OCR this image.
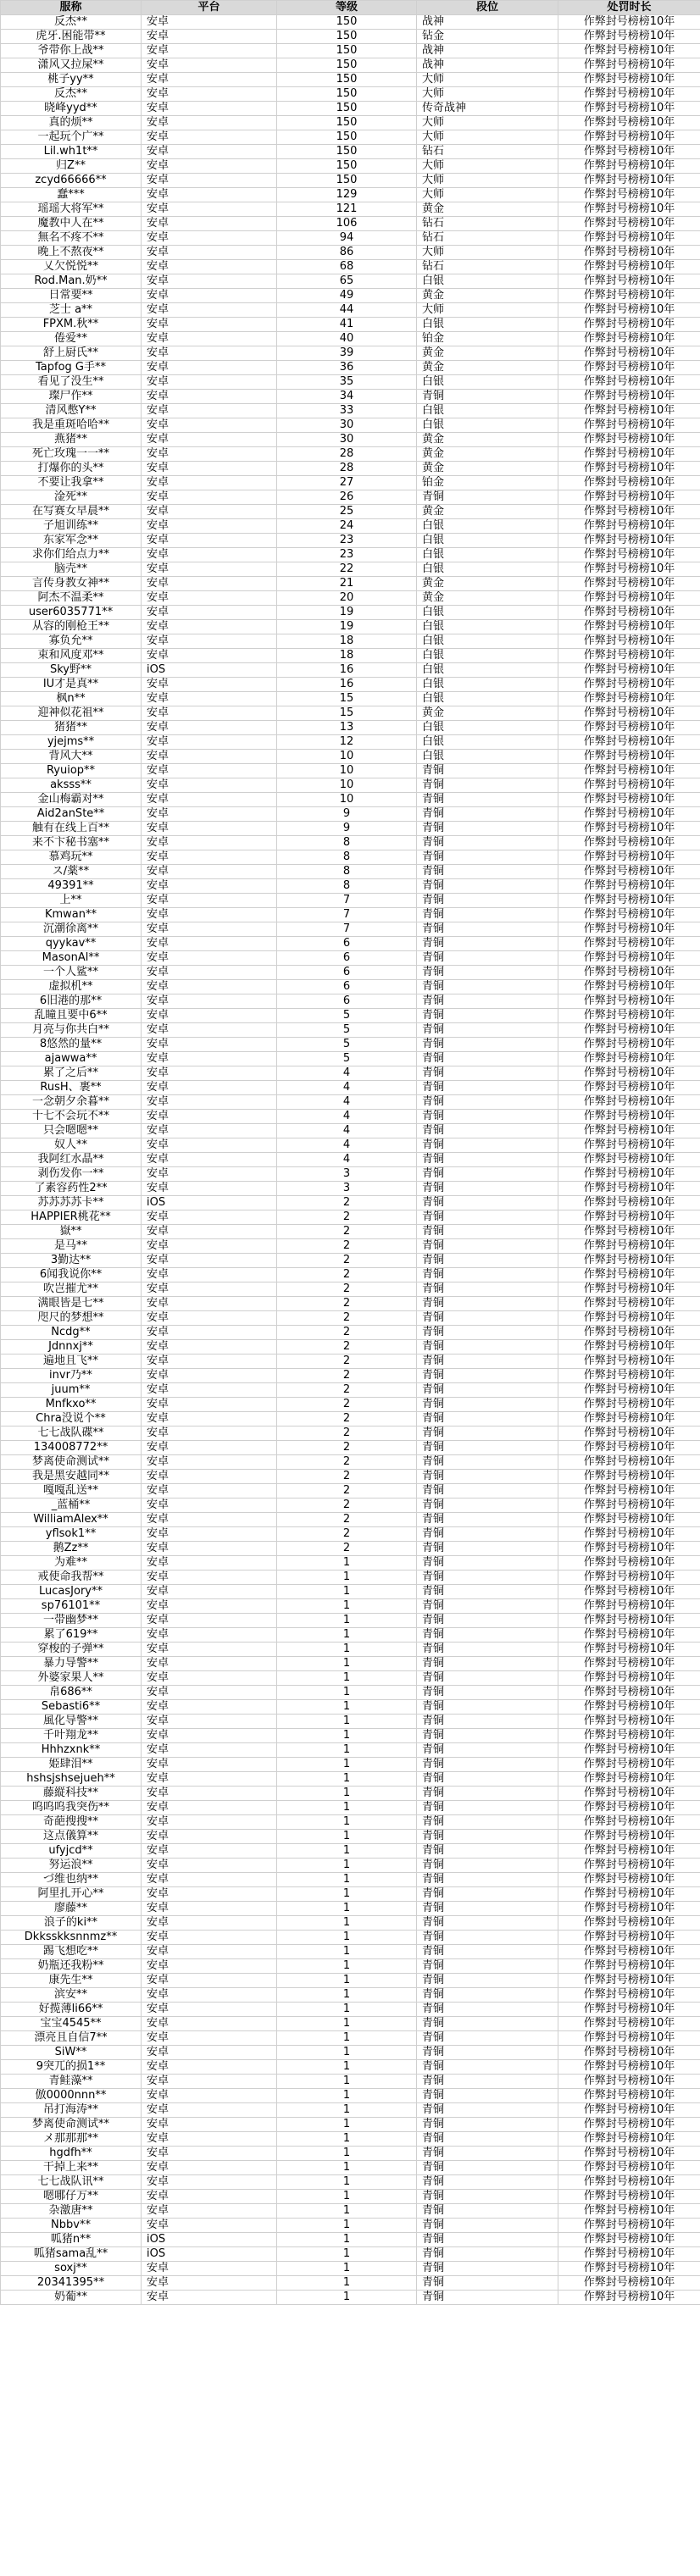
服称	平台	等级	段位	处罚时长
反杰**	安卓	150	战神	作弊封号榜榜10年
虎牙.困能带**	安卓	150	钻金	作弊封号榜榜10年
爷带你上战**	安卓	150	战神	作弊封号榜榜10年
潇风又拉屎**	安卓	150	战神	作弊封号榜榜10年
桃子yy**	安卓	150	大师	作弊封号榜榜10年
反杰**	安卓	150	大师	作弊封号榜榜10年
晓峰yyd**	安卓	150	传奇战神	作弊封号榜榜10年
真的烦**	安卓	150	大师	作弊封号榜榜10年
一起玩个广**	安卓	150	大师	作弊封号榜榜10年
Lil.wh1t**	安卓	150	钻石	作弊封号榜榜10年
归Z**	安卓	150	大师	作弊封号榜榜10年
zcyd66666**	安卓	150	大师	作弊封号榜榜10年
蠢***	安卓	129	大师	作弊封号榜榜10年
瑶瑶大将军**	安卓	121	黄金	作弊封号榜榜10年
魔教中人在**	安卓	106	钻石	作弊封号榜榜10年
無名不疼不**	安卓	94	钻石	作弊封号榜榜10年
晚上不熬夜**	安卓	86	大师	作弊封号榜榜10年
乂欠悦悦**	安卓	68	钻石	作弊封号榜榜10年
Rod.Man.奶**	安卓	65	白银	作弊封号榜榜10年
日常要**	安卓	49	黄金	作弊封号榜榜10年
芝士 a**	安卓	44	大师	作弊封号榜榜10年
FPXM.秋**	安卓	41	白银	作弊封号榜榜10年
倦爱**	安卓	40	铂金	作弊封号榜榜10年
舒上厨氏**	安卓	39	黄金	作弊封号榜榜10年
Tapfog G手**	安卓	36	黄金	作弊封号榜榜10年
看见了没生**	安卓	35	白银	作弊封号榜榜10年
璨尸作**	安卓	34	青铜	作弊封号榜榜10年
清风憋Y**	安卓	33	白银	作弊封号榜榜10年
我是重斑哈哈**	安卓	30	白银	作弊封号榜榜10年
燕猪**	安卓	30	黄金	作弊封号榜榜10年
死亡玫瑰一一**	安卓	28	黄金	作弊封号榜榜10年
打爆你的头**	安卓	28	黄金	作弊封号榜榜10年
不要让我拿**	安卓	27	铂金	作弊封号榜榜10年
淦死**	安卓	26	青铜	作弊封号榜榜10年
在写赛女早晨**	安卓	25	黄金	作弊封号榜榜10年
子旭训练**	安卓	24	白银	作弊封号榜榜10年
东家军念**	安卓	23	白银	作弊封号榜榜10年
求你们给点力**	安卓	23	白银	作弊封号榜榜10年
脑壳**	安卓	22	白银	作弊封号榜榜10年
言传身教女神**	安卓	21	黄金	作弊封号榜榜10年
阿杰不温柔**	安卓	20	黄金	作弊封号榜榜10年
user6035771**	安卓	19	白银	作弊封号榜榜10年
从容的刚枪王**	安卓	19	白银	作弊封号榜榜10年
寡负允**	安卓	18	白银	作弊封号榜榜10年
束和风度邓**	安卓	18	白银	作弊封号榜榜10年
Sky野**	iOS	16	白银	作弊封号榜榜10年
IU才是真**	安卓	16	白银	作弊封号榜榜10年
枫n**	安卓	15	白银	作弊封号榜榜10年
迎神似花祖**	安卓	15	黄金	作弊封号榜榜10年
猪猪**	安卓	13	白银	作弊封号榜榜10年
yjejms**	安卓	12	白银	作弊封号榜榜10年
背风大**	安卓	10	白银	作弊封号榜榜10年
Ryuiop**	安卓	10	青铜	作弊封号榜榜10年
aksss**	安卓	10	青铜	作弊封号榜榜10年
金山梅霸对**	安卓	10	青铜	作弊封号榜榜10年
Aid2anSte**	安卓	9	青铜	作弊封号榜榜10年
触有在线上百**	安卓	9	青铜	作弊封号榜榜10年
来不卞秘书塞**	安卓	8	青铜	作弊封号榜榜10年
慕鸡玩**	安卓	8	青铜	作弊封号榜榜10年
ス/薬**	安卓	8	青铜	作弊封号榜榜10年
49391**	安卓	8	青铜	作弊封号榜榜10年
上**	安卓	7	青铜	作弊封号榜榜10年
Kmwan**	安卓	7	青铜	作弊封号榜榜10年
沉潮徐离**	安卓	7	青铜	作弊封号榜榜10年
qyykav**	安卓	6	青铜	作弊封号榜榜10年
MasonAl**	安卓	6	青铜	作弊封号榜榜10年
一个人鲨**	安卓	6	青铜	作弊封号榜榜10年
虚拟机**	安卓	6	青铜	作弊封号榜榜10年
6旧港的那**	安卓	6	青铜	作弊封号榜榜10年
乱瞳且要中6**	安卓	5	青铜	作弊封号榜榜10年
月亮与你共白**	安卓	5	青铜	作弊封号榜榜10年
8悠然的量**	安卓	5	青铜	作弊封号榜榜10年
ajawwa**	安卓	5	青铜	作弊封号榜榜10年
累了之后**	安卓	4	青铜	作弊封号榜榜10年
RusH、裹**	安卓	4	青铜	作弊封号榜榜10年
一念朝夕余暮**	安卓	4	青铜	作弊封号榜榜10年
十七不会玩不**	安卓	4	青铜	作弊封号榜榜10年
只会嗯嗯**	安卓	4	青铜	作弊封号榜榜10年
奴人**	安卓	4	青铜	作弊封号榜榜10年
我阿红水晶**	安卓	4	青铜	作弊封号榜榜10年
剥伤发你一**	安卓	3	青铜	作弊封号榜榜10年
了素容药性2**	安卓	3	青铜	作弊封号榜榜10年
苏苏苏苏卡**	iOS	2	青铜	作弊封号榜榜10年
HAPPIER桃花**	安卓	2	青铜	作弊封号榜榜10年
嶽**	安卓	2	青铜	作弊封号榜榜10年
是马**	安卓	2	青铜	作弊封号榜榜10年
3勤达**	安卓	2	青铜	作弊封号榜榜10年
6闻我说你**	安卓	2	青铜	作弊封号榜榜10年
吹岂摧尤**	安卓	2	青铜	作弊封号榜榜10年
满眼皆是七**	安卓	2	青铜	作弊封号榜榜10年
咫尺的梦想**	安卓	2	青铜	作弊封号榜榜10年
Ncdg**	安卓	2	青铜	作弊封号榜榜10年
Jdnnxj**	安卓	2	青铜	作弊封号榜榜10年
遍地且飞**	安卓	2	青铜	作弊封号榜榜10年
invr乃**	安卓	2	青铜	作弊封号榜榜10年
juum**	安卓	2	青铜	作弊封号榜榜10年
Mnfkxo**	安卓	2	青铜	作弊封号榜榜10年
Chra没说个**	安卓	2	青铜	作弊封号榜榜10年
七七战队碟**	安卓	2	青铜	作弊封号榜榜10年
134008772**	安卓	2	青铜	作弊封号榜榜10年
梦离使命测试**	安卓	2	青铜	作弊封号榜榜10年
我是黑安越同**	安卓	2	青铜	作弊封号榜榜10年
嘎嘎乱送**	安卓	2	青铜	作弊封号榜榜10年
_蓝桶**	安卓	2	青铜	作弊封号榜榜10年
WilliamAlex**	安卓	2	青铜	作弊封号榜榜10年
yflsok1**	安卓	2	青铜	作弊封号榜榜10年
鹅Zz**	安卓	2	青铜	作弊封号榜榜10年
为难**	安卓	1	青铜	作弊封号榜榜10年
戒使命我帮**	安卓	1	青铜	作弊封号榜榜10年
LucasJory**	安卓	1	青铜	作弊封号榜榜10年
sp76101**	安卓	1	青铜	作弊封号榜榜10年
一带幽梦**	安卓	1	青铜	作弊封号榜榜10年
累了619**	安卓	1	青铜	作弊封号榜榜10年
穿梭的子弹**	安卓	1	青铜	作弊封号榜榜10年
暴力导警**	安卓	1	青铜	作弊封号榜榜10年
外婆家果人**	安卓	1	青铜	作弊封号榜榜10年
帛686**	安卓	1	青铜	作弊封号榜榜10年
Sebasti6**	安卓	1	青铜	作弊封号榜榜10年
風化导警**	安卓	1	青铜	作弊封号榜榜10年
千叶翔龙**	安卓	1	青铜	作弊封号榜榜10年
Hhhzxnk**	安卓	1	青铜	作弊封号榜榜10年
姫肆泪**	安卓	1	青铜	作弊封号榜榜10年
hshsjshsejueh**	安卓	1	青铜	作弊封号榜榜10年
藤縦科技**	安卓	1	青铜	作弊封号榜榜10年
呜呜呜我突伤**	安卓	1	青铜	作弊封号榜榜10年
奇葩搜搜**	安卓	1	青铜	作弊封号榜榜10年
这点儀算**	安卓	1	青铜	作弊封号榜榜10年
ufyjcd**	安卓	1	青铜	作弊封号榜榜10年
努运浪**	安卓	1	青铜	作弊封号榜榜10年
づ维也纳**	安卓	1	青铜	作弊封号榜榜10年
阿里扎开心**	安卓	1	青铜	作弊封号榜榜10年
廖藤**	安卓	1	青铜	作弊封号榜榜10年
浪子的ki**	安卓	1	青铜	作弊封号榜榜10年
Dkksskksnnmz**	安卓	1	青铜	作弊封号榜榜10年
踢飞想吃**	安卓	1	青铜	作弊封号榜榜10年
奶瓶还我粉**	安卓	1	青铜	作弊封号榜榜10年
康先生**	安卓	1	青铜	作弊封号榜榜10年
滨安**	安卓	1	青铜	作弊封号榜榜10年
好揽薄li66**	安卓	1	青铜	作弊封号榜榜10年
宝宝4545**	安卓	1	青铜	作弊封号榜榜10年
漂亮且自信7**	安卓	1	青铜	作弊封号榜榜10年
SiW**	安卓	1	青铜	作弊封号榜榜10年
9突兀的损1**	安卓	1	青铜	作弊封号榜榜10年
青鲑藻**	安卓	1	青铜	作弊封号榜榜10年
倣0000nnn**	安卓	1	青铜	作弊封号榜榜10年
吊打海涛**	安卓	1	青铜	作弊封号榜榜10年
梦离使命测试**	安卓	1	青铜	作弊封号榜榜10年
メ那那那**	安卓	1	青铜	作弊封号榜榜10年
hgdfh**	安卓	1	青铜	作弊封号榜榜10年
干掉上来**	安卓	1	青铜	作弊封号榜榜10年
七七战队讯**	安卓	1	青铜	作弊封号榜榜10年
嗯哪仔万**	安卓	1	青铜	作弊封号榜榜10年
杂激唐**	安卓	1	青铜	作弊封号榜榜10年
Nbbv**	安卓	1	青铜	作弊封号榜榜10年
呱猪n**	iOS	1	青铜	作弊封号榜榜10年
呱猪sama乱**	iOS	1	青铜	作弊封号榜榜10年
soxj**	安卓	1	青铜	作弊封号榜榜10年
20341395**	安卓	1	青铜	作弊封号榜榜10年
奶葡**	安卓	1	青铜	作弊封号榜榜10年
